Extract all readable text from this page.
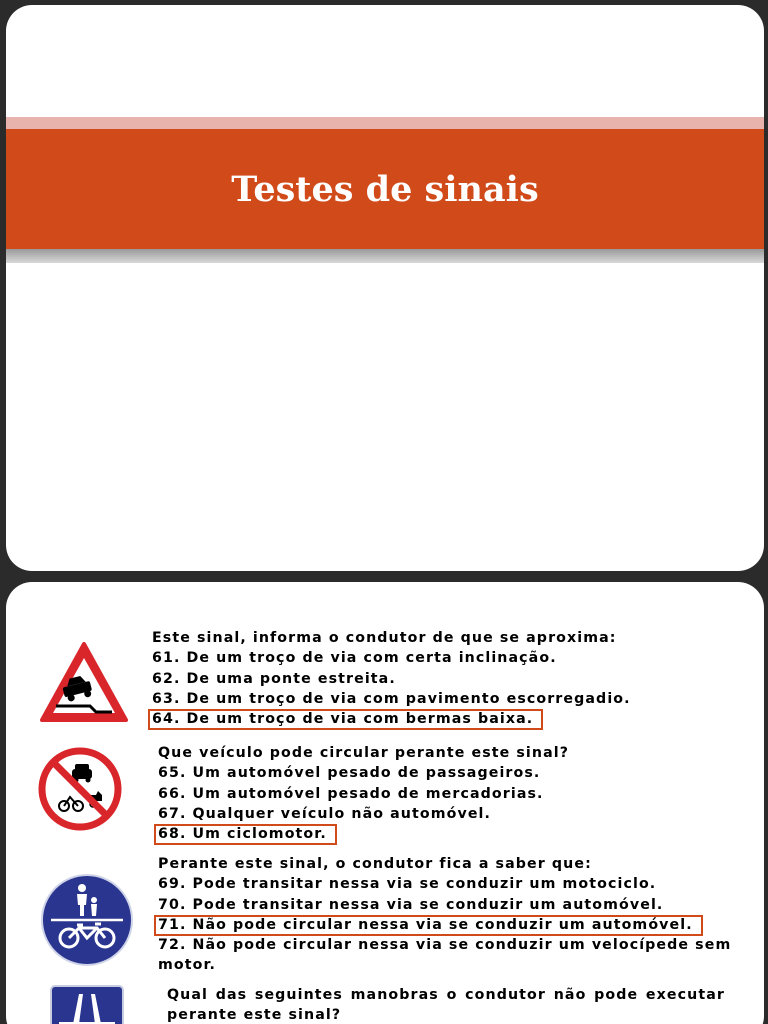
Testes de sinais
Este sinal, informa o condutor de que se aproxima:
61. De um troço de via com certa inclinação.
62. De uma ponte estreita.
63. De um troço de via com pavimento escorregadio.
64. De um troço de via com bermas baixa.
Que veículo pode circular perante este sinal?
65. Um automóvel pesado de passageiros.
66. Um automóvel pesado de mercadorias.
67. Qualquer veículo não automóvel.
68. Um ciclomotor.
Perante este sinal, o condutor fica a saber que:
69. Pode transitar nessa via se conduzir um motociclo.
70. Pode transitar nessa via se conduzir um automóvel.
71. Não pode circular nessa via se conduzir um automóvel.
72. Não pode circular nessa via se conduzir um velocípede sem motor.
Qual das seguintes manobras o condutor não pode executar perante este sinal?
